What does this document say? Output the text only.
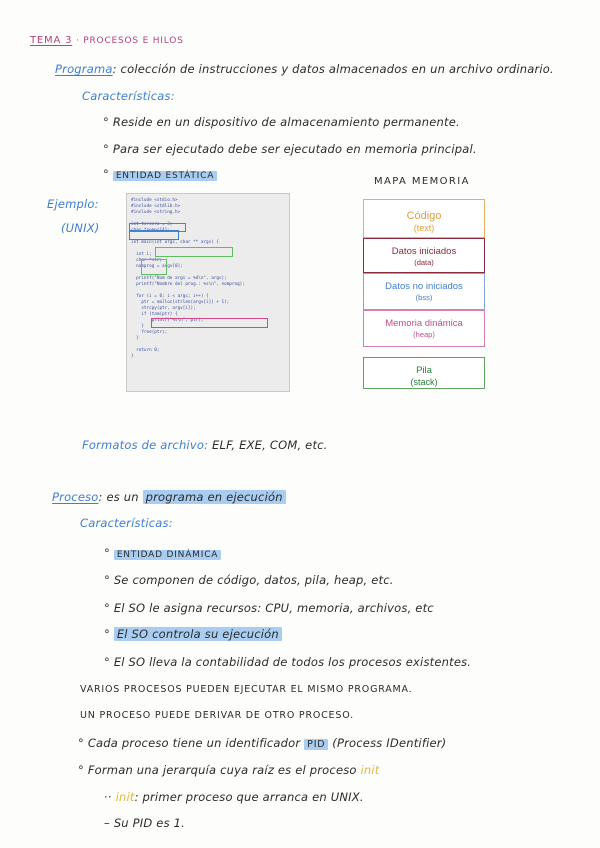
TEMA 3 · PROCESOS E HILOS
Programa: colección de instrucciones y datos almacenados en un archivo ordinario.
Características:
° Reside en un dispositivo de almacenamiento permanente.
° Para ser ejecutado debe ser ejecutado en memoria principal.
° ENTIDAD ESTÁTICA
Ejemplo:
(UNIX)
#include <stdio.h>
#include <stdlib.h>
#include <string.h>

int tercero = 3;
char *nompr[4];

int main(int argc, char ** argv) {

int i;
char *str;
nomprog = argv[0];

printf("Núm de args = %d\n", argc);
printf("Nombre del prog.: %s\n", nomprog);

for (i = 0; i < argc; i++) {
ptr = malloc(strlen(argv[i]) + 1);
strcpy(ptr, argv[i]);
if (tam(ptr) {
printf("%s\n", ptr);
}
free(ptr);
}

return 0;
}
MAPA MEMORIA
Código
(text)
Datos iniciados
(data)
Datos no iniciados
(bss)
Memoria dinámica
(heap)
Pila
(stack)
Formatos de archivo: ELF, EXE, COM, etc.
Proceso: es un programa en ejecución
Características:
° ENTIDAD DINÁMICA
° Se componen de código, datos, pila, heap, etc.
° El SO le asigna recursos: CPU, memoria, archivos, etc
° El SO controla su ejecución
° El SO lleva la contabilidad de todos los procesos existentes.
VARIOS PROCESOS PUEDEN EJECUTAR EL MISMO PROGRAMA.
UN PROCESO PUEDE DERIVAR DE OTRO PROCESO.
° Cada proceso tiene un identificador PID (Process IDentifier)
° Forman una jerarquía cuya raíz es el proceso init
·· init: primer proceso que arranca en UNIX.
– Su PID es 1.
